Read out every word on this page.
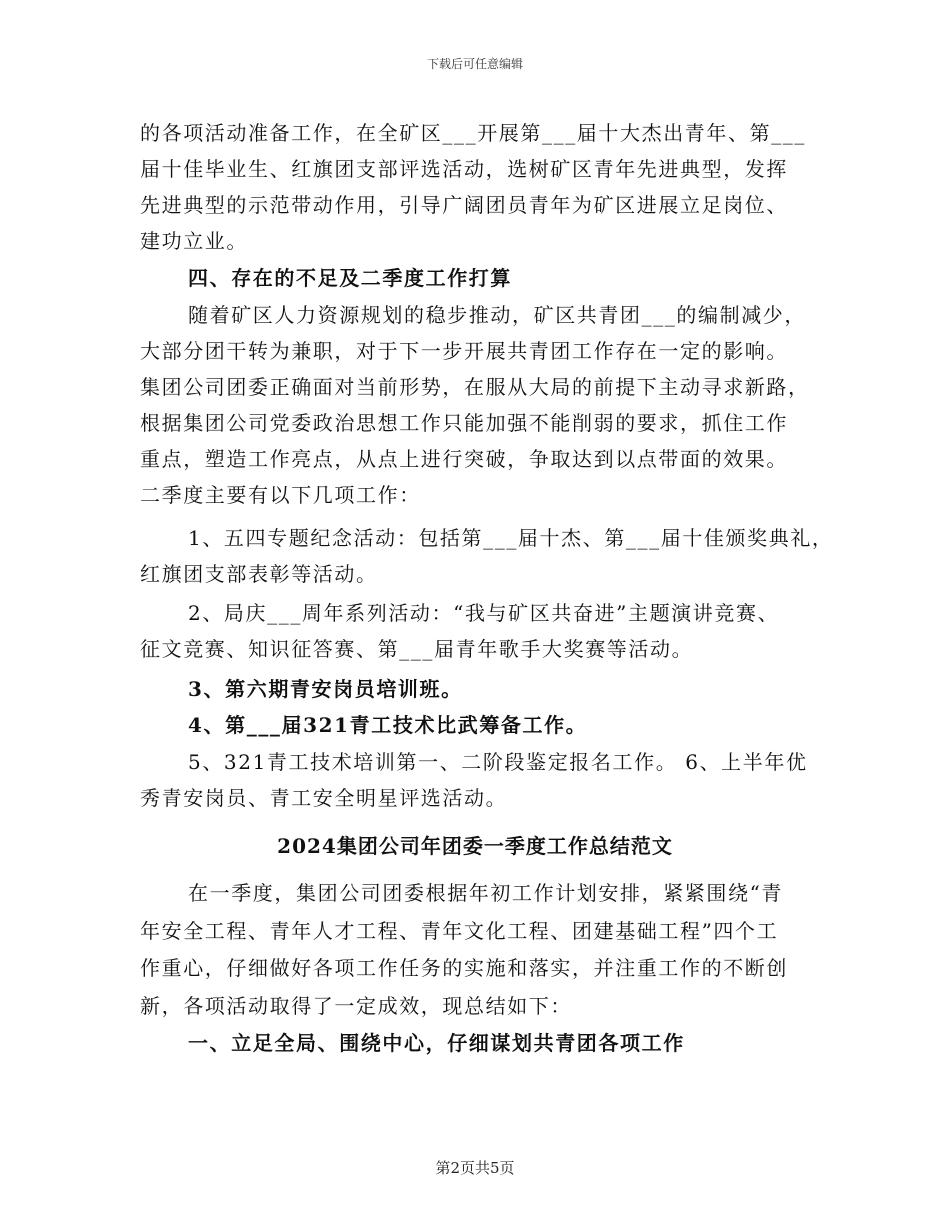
下载后可任意编辑
的各项活动准备工作，在全矿区___开展第___届十大杰出青年、第___
届十佳毕业生、红旗团支部评选活动，选树矿区青年先进典型，发挥
先进典型的示范带动作用，引导广阔团员青年为矿区进展立足岗位、
建功立业。
四、存在的不足及二季度工作打算
随着矿区人力资源规划的稳步推动，矿区共青团___的编制减少，
大部分团干转为兼职，对于下一步开展共青团工作存在一定的影响。
集团公司团委正确面对当前形势，在服从大局的前提下主动寻求新路，
根据集团公司党委政治思想工作只能加强不能削弱的要求，抓住工作
重点，塑造工作亮点，从点上进行突破，争取达到以点带面的效果。
二季度主要有以下几项工作：
1、五四专题纪念活动：包括第___届十杰、第___届十佳颁奖典礼，
红旗团支部表彰等活动。
2、局庆___周年系列活动：“我与矿区共奋进”主题演讲竞赛、
征文竞赛、知识征答赛、第___届青年歌手大奖赛等活动。
3、第六期青安岗员培训班。
4、第___届321青工技术比武筹备工作。
5、321青工技术培训第一、二阶段鉴定报名工作。 6、上半年优
秀青安岗员、青工安全明星评选活动。
2024集团公司年团委一季度工作总结范文
在一季度，集团公司团委根据年初工作计划安排，紧紧围绕“青
年安全工程、青年人才工程、青年文化工程、团建基础工程”四个工
作重心，仔细做好各项工作任务的实施和落实，并注重工作的不断创
新，各项活动取得了一定成效，现总结如下：
一、立足全局、围绕中心，仔细谋划共青团各项工作
第2页共5页
